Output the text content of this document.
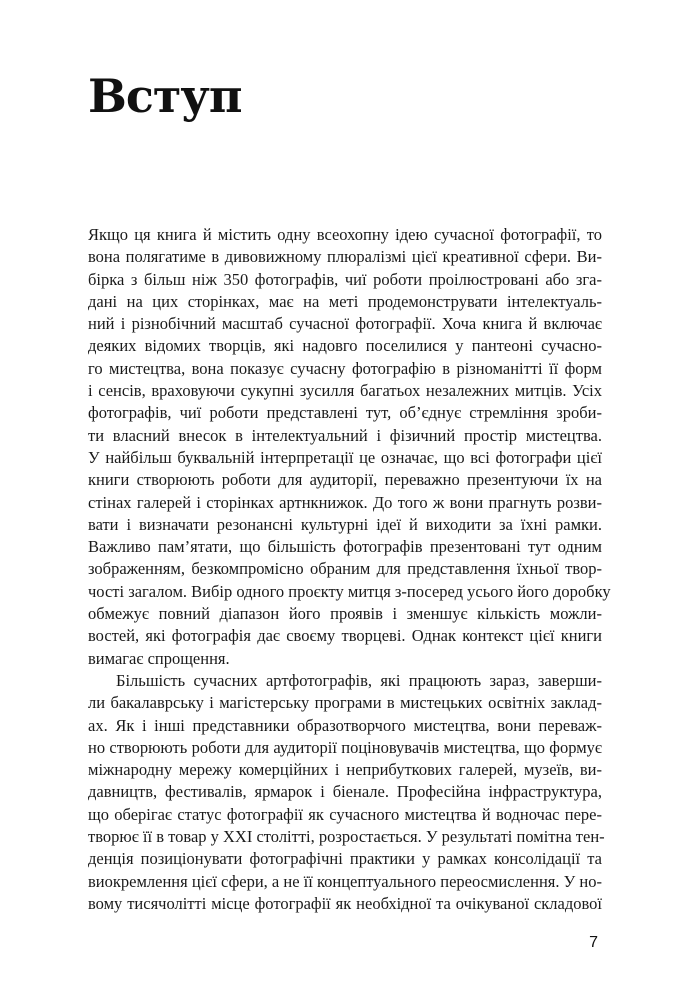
Вступ

Якщо ця книга й містить одну всеохопну ідею сучасної фотографії, то
вона полягатиме в дивовижному плюралізмі цієї креативної сфери. Ви-
бірка з більш ніж 350 фотографів, чиї роботи проілюстровані або зга-
дані на цих сторінках, має на меті продемонструвати інтелектуаль-
ний і різнобічний масштаб сучасної фотографії. Хоча книга й включає
деяких відомих творців, які надовго поселилися у пантеоні сучасно-
го мистецтва, вона показує сучасну фотографію в різноманітті її форм
і сенсів, враховуючи сукупні зусилля багатьох незалежних митців. Усіх
фотографів, чиї роботи представлені тут, об’єднує стремління зроби-
ти власний внесок в інтелектуальний і фізичний простір мистецтва.
У найбільш буквальній інтерпретації це означає, що всі фотографи цієї
книги створюють роботи для аудиторії, переважно презентуючи їх на
стінах галерей і сторінках артнкнижок. До того ж вони прагнуть розви-
вати і визначати резонансні культурні ідеї й виходити за їхні рамки.
Важливо пам’ятати, що більшість фотографів презентовані тут одним
зображенням, безкомпромісно обраним для представлення їхньої твор-
чості загалом. Вибір одного проєкту митця з-посеред усього його доробку
обмежує повний діапазон його проявів і зменшує кількість можли-
востей, які фотографія дає своєму творцеві. Однак контекст цієї книги
вимагає спрощення.

Більшість сучасних артфотографів, які працюють зараз, заверши-
ли бакалаврську і магістерську програми в мистецьких освітніх заклад-
ах. Як і інші представники образотворчого мистецтва, вони переваж-
но створюють роботи для аудиторії поціновувачів мистецтва, що формує
міжнародну мережу комерційних і неприбуткових галерей, музеїв, ви-
давництв, фестивалів, ярмарок і біенале. Професійна інфраструктура,
що оберігає статус фотографії як сучасного мистецтва й водночас пере-
творює її в товар у XXI столітті, розростається. У результаті помітна тен-
денція позиціонувати фотографічні практики у рамках консолідації та
виокремлення цієї сфери, а не її концептуального переосмислення. У но-
вому тисячолітті місце фотографії як необхідної та очікуваної складової

7
